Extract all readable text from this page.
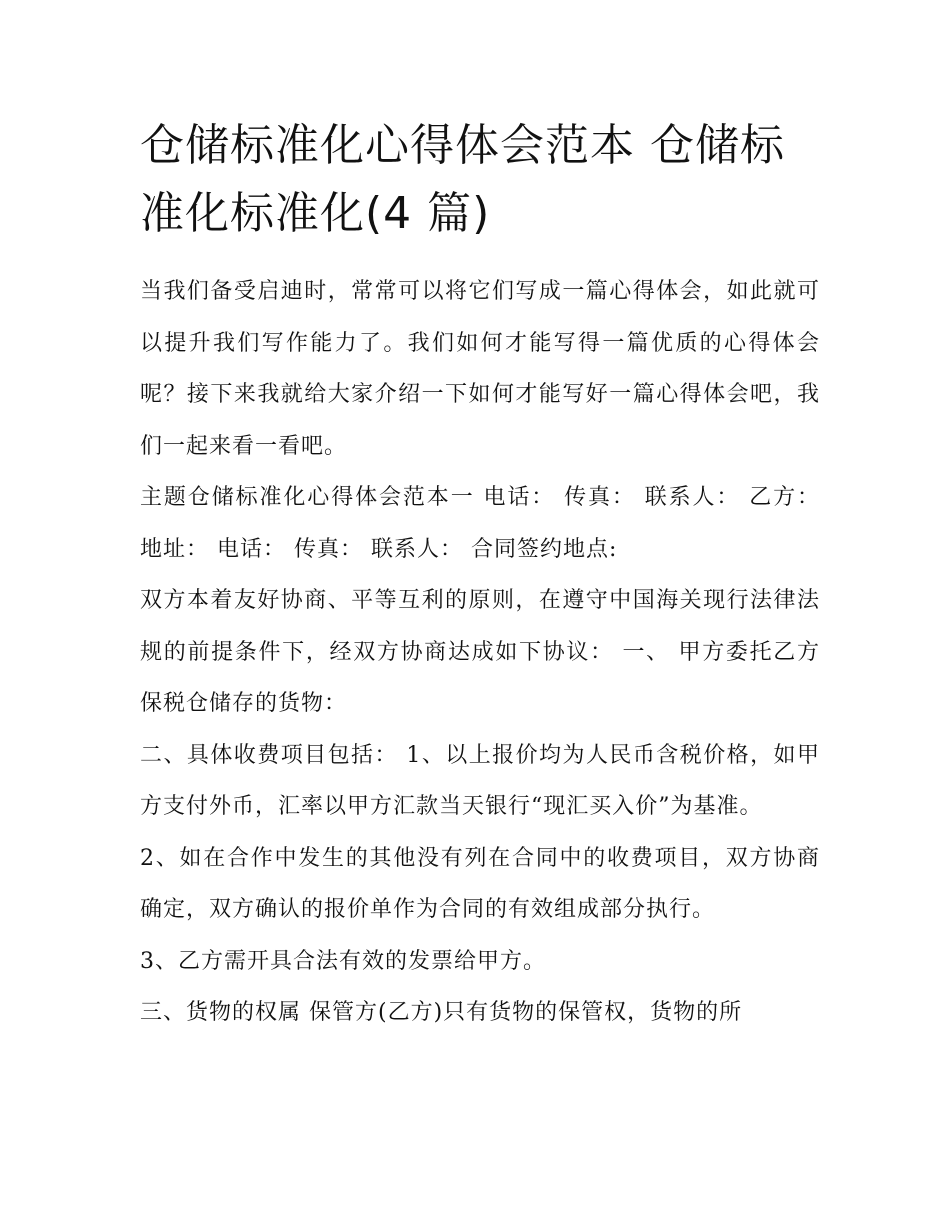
仓储标准化心得体会范本 仓储标准化标准化(4 篇)

当我们备受启迪时，常常可以将它们写成一篇心得体会，如此就可以提升我们写作能力了。我们如何才能写得一篇优质的心得体会呢？接下来我就给大家介绍一下如何才能写好一篇心得体会吧，我们一起来看一看吧。

主题仓储标准化心得体会范本一 电话： 传真： 联系人： 乙方： 地址： 电话： 传真： 联系人： 合同签约地点:

双方本着友好协商、平等互利的原则，在遵守中国海关现行法律法规的前提条件下，经双方协商达成如下协议： 一、 甲方委托乙方保税仓储存的货物：

二、具体收费项目包括： 1、以上报价均为人民币含税价格，如甲方支付外币，汇率以甲方汇款当天银行“现汇买入价”为基准。

2、如在合作中发生的其他没有列在合同中的收费项目，双方协商确定，双方确认的报价单作为合同的有效组成部分执行。

3、乙方需开具合法有效的发票给甲方。

三、货物的权属 保管方(乙方)只有货物的保管权，货物的所
